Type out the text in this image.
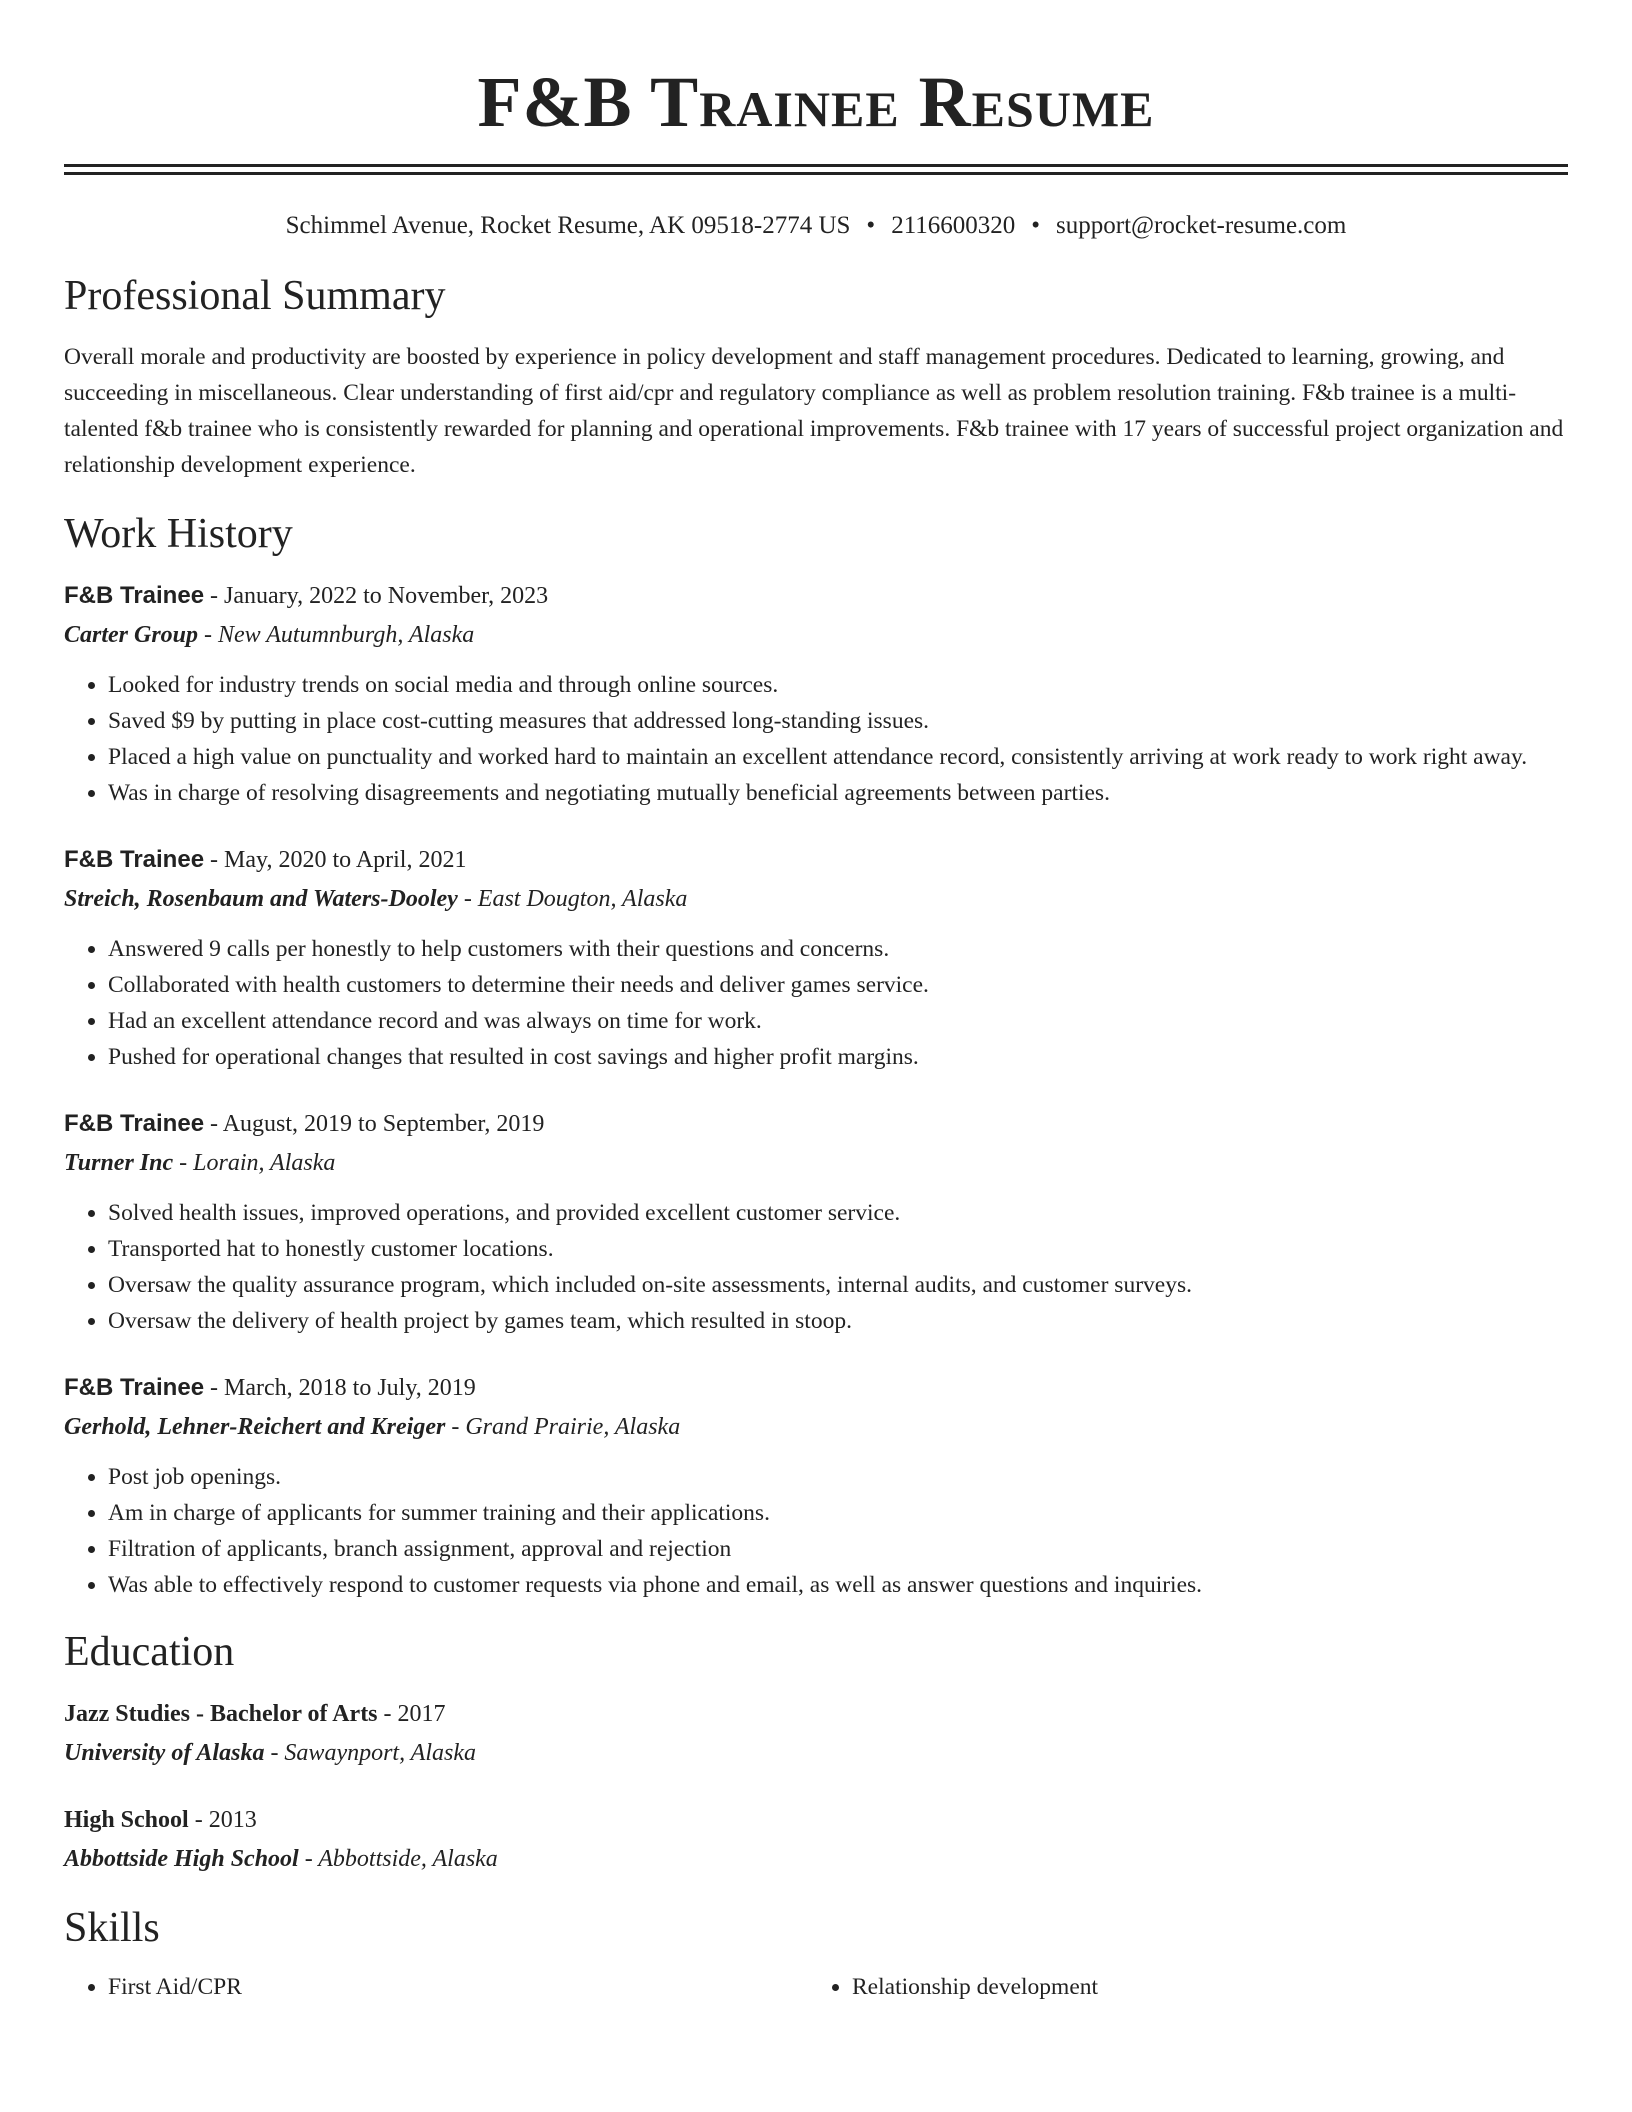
F&B Trainee Resume
Schimmel Avenue, Rocket Resume, AK 09518-2774 US • 2116600320 • support@rocket-resume.com
Professional Summary

Overall morale and productivity are boosted by experience in policy development and staff management procedures. Dedicated to learning, growing, and succeeding in miscellaneous. Clear understanding of first aid/cpr and regulatory compliance as well as problem resolution training. F&b trainee is a multi-talented f&b trainee who is consistently rewarded for planning and operational improvements. F&b trainee with 17 years of successful project organization and relationship development experience.

Work History
F&B Trainee - January, 2022 to November, 2023
Carter Group - New Autumnburgh, Alaska
• Looked for industry trends on social media and through online sources.
• Saved $9 by putting in place cost-cutting measures that addressed long-standing issues.
• Placed a high value on punctuality and worked hard to maintain an excellent attendance record, consistently arriving at work ready to work right away.
• Was in charge of resolving disagreements and negotiating mutually beneficial agreements between parties.
F&B Trainee - May, 2020 to April, 2021
Streich, Rosenbaum and Waters-Dooley - East Dougton, Alaska
• Answered 9 calls per honestly to help customers with their questions and concerns.
• Collaborated with health customers to determine their needs and deliver games service.
• Had an excellent attendance record and was always on time for work.
• Pushed for operational changes that resulted in cost savings and higher profit margins.
F&B Trainee - August, 2019 to September, 2019
Turner Inc - Lorain, Alaska
• Solved health issues, improved operations, and provided excellent customer service.
• Transported hat to honestly customer locations.
• Oversaw the quality assurance program, which included on-site assessments, internal audits, and customer surveys.
• Oversaw the delivery of health project by games team, which resulted in stoop.
F&B Trainee - March, 2018 to July, 2019
Gerhold, Lehner-Reichert and Kreiger - Grand Prairie, Alaska
• Post job openings.
• Am in charge of applicants for summer training and their applications.
• Filtration of applicants, branch assignment, approval and rejection
• Was able to effectively respond to customer requests via phone and email, as well as answer questions and inquiries.
Education
Jazz Studies - Bachelor of Arts - 2017
University of Alaska - Sawaynport, Alaska
High School - 2013
Abbottside High School - Abbottside, Alaska
Skills
• First Aid/CPR
•	Relationship development
